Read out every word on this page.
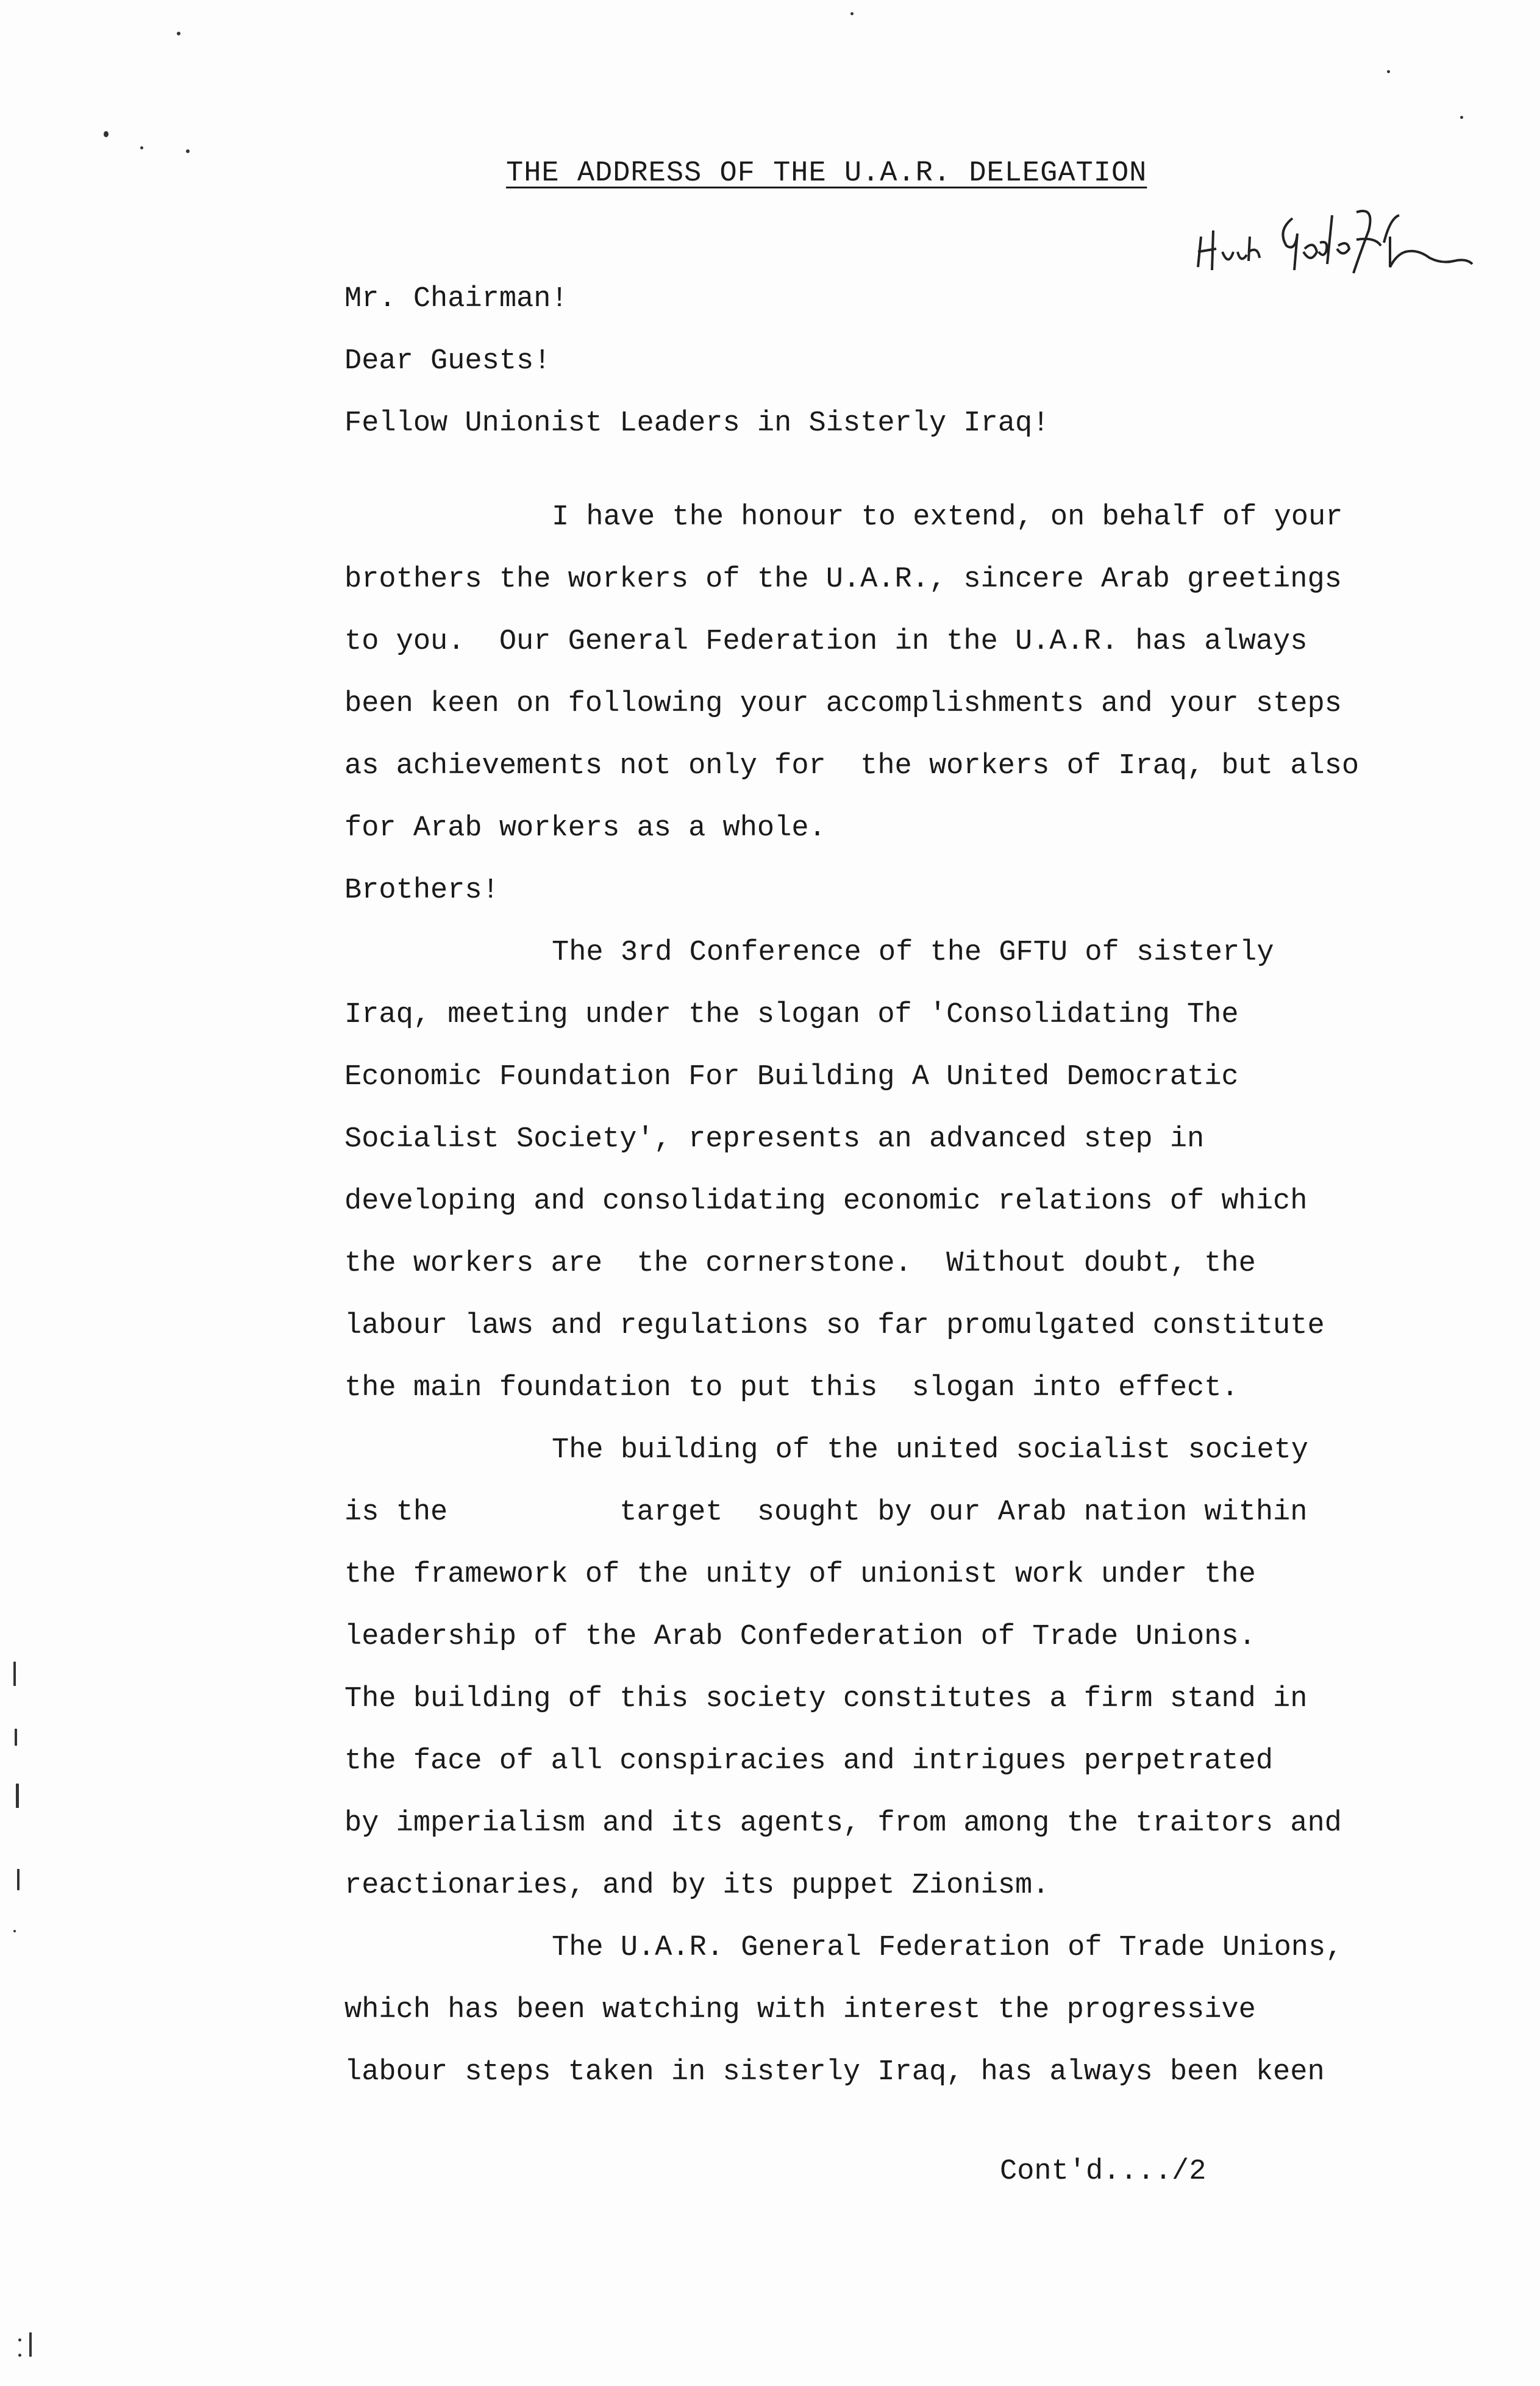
THE ADDRESS OF THE U.A.R. DELEGATION
Mr. Chairman!
Dear Guests!
Fellow Unionist Leaders in Sisterly Iraq!
I have the honour to extend, on behalf of your
brothers the workers of the U.A.R., sincere Arab greetings
to you.  Our General Federation in the U.A.R. has always
been keen on following your accomplishments and your steps
as achievements not only for  the workers of Iraq, but also
for Arab workers as a whole.
Brothers!
The 3rd Conference of the GFTU of sisterly
Iraq, meeting under the slogan of 'Consolidating The
Economic Foundation For Building A United Democratic
Socialist Society', represents an advanced step in
developing and consolidating economic relations of which
the workers are  the cornerstone.  Without doubt, the
labour laws and regulations so far promulgated constitute
the main foundation to put this  slogan into effect.
The building of the united socialist society
is the          target  sought by our Arab nation within
the framework of the unity of unionist work under the
leadership of the Arab Confederation of Trade Unions.
The building of this society constitutes a firm stand in
the face of all conspiracies and intrigues perpetrated
by imperialism and its agents, from among the traitors and
reactionaries, and by its puppet Zionism.
The U.A.R. General Federation of Trade Unions,
which has been watching with interest the progressive
labour steps taken in sisterly Iraq, has always been keen
Cont'd..../2
